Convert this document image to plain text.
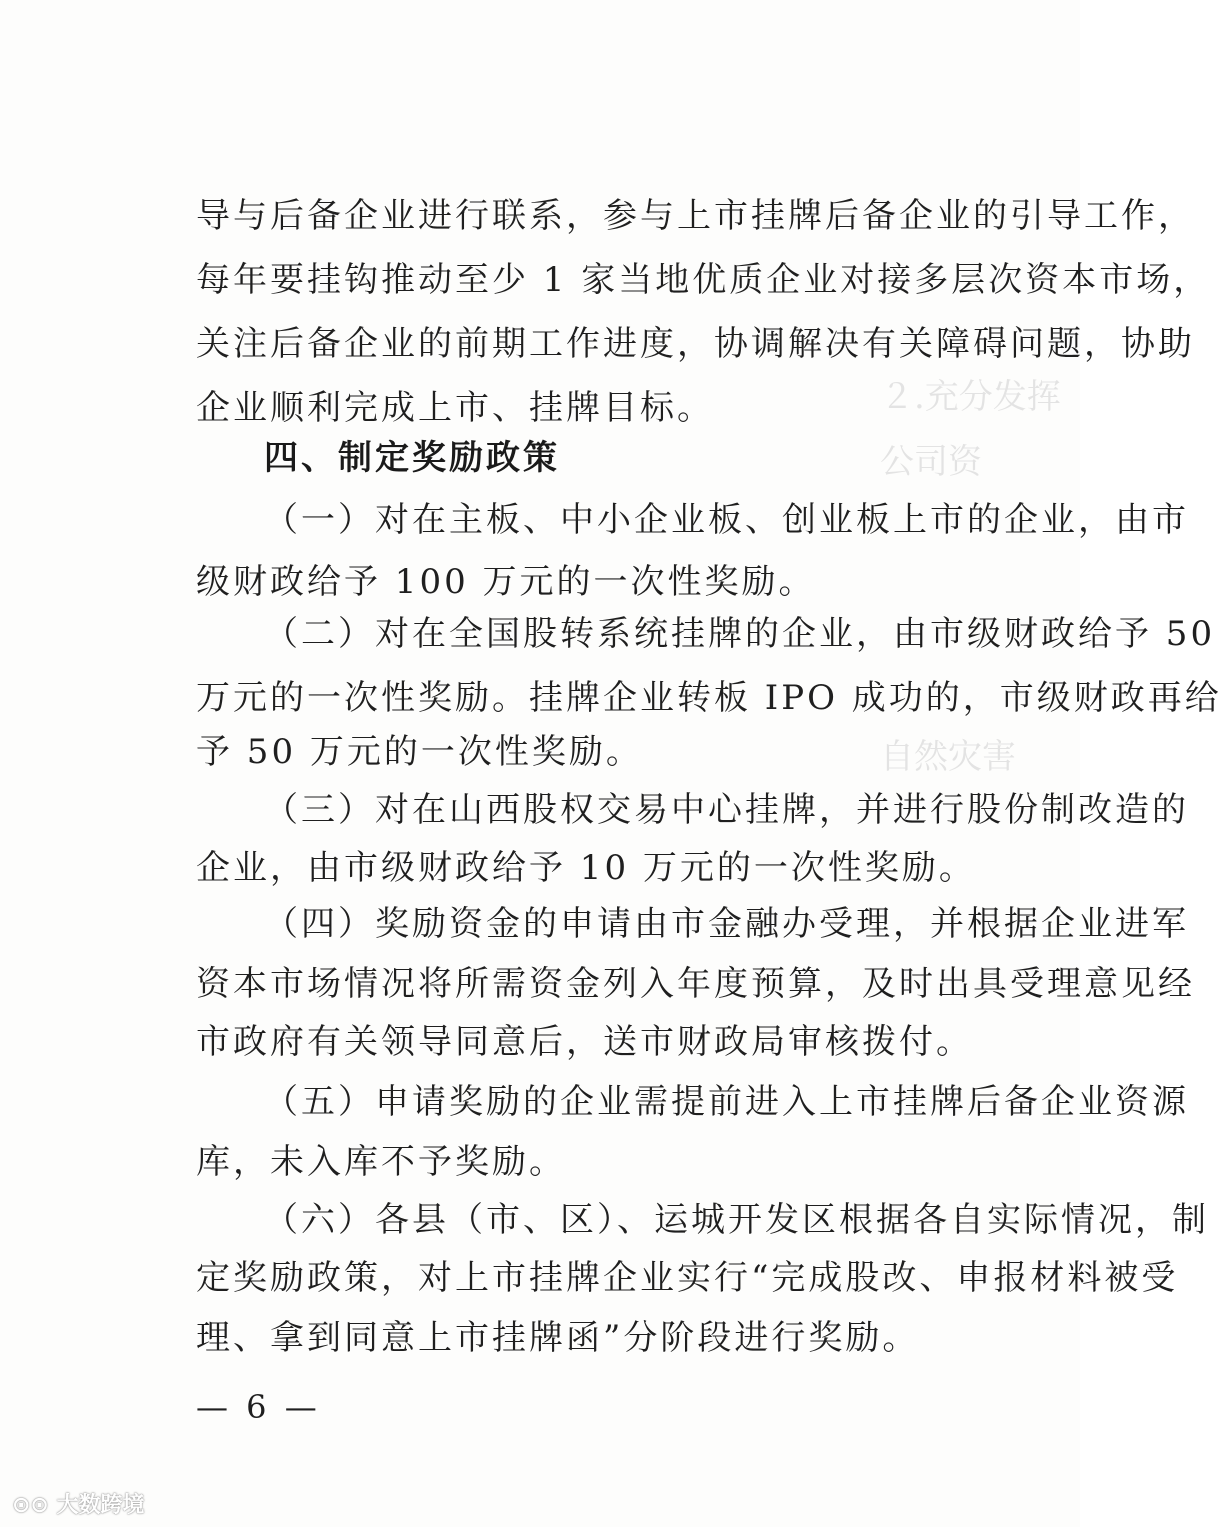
２.充分发挥
公司资
自然灾害
导与后备企业进行联系，参与上市挂牌后备企业的引导工作，
每年要挂钩推动至少 1 家当地优质企业对接多层次资本市场，
关注后备企业的前期工作进度，协调解决有关障碍问题，协助
企业顺利完成上市、挂牌目标。
四、制定奖励政策
（一）对在主板、中小企业板、创业板上市的企业，由市
级财政给予 100 万元的一次性奖励。
（二）对在全国股转系统挂牌的企业，由市级财政给予 50
万元的一次性奖励。挂牌企业转板 IPO 成功的，市级财政再给
予 50 万元的一次性奖励。
（三）对在山西股权交易中心挂牌，并进行股份制改造的
企业，由市级财政给予 10 万元的一次性奖励。
（四）奖励资金的申请由市金融办受理，并根据企业进军
资本市场情况将所需资金列入年度预算，及时出具受理意见经
市政府有关领导同意后，送市财政局审核拨付。
（五）申请奖励的企业需提前进入上市挂牌后备企业资源
库，未入库不予奖励。
（六）各县（市、区）、运城开发区根据各自实际情况，制
定奖励政策，对上市挂牌企业实行“完成股改、申报材料被受
理、拿到同意上市挂牌函”分阶段进行奖励。
— 6 —
⊙⊙ 大数跨境
